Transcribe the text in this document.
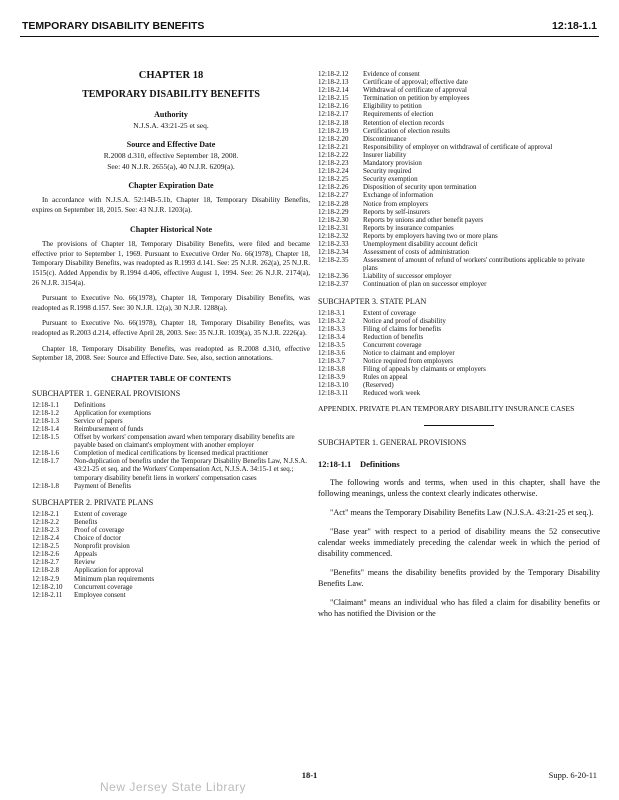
TEMPORARY DISABILITY BENEFITS	12:18-1.1
CHAPTER 18
TEMPORARY DISABILITY BENEFITS
Authority
N.J.S.A. 43:21-25 et seq.
Source and Effective Date
R.2008 d.310, effective September 18, 2008.
See: 40 N.J.R. 2655(a), 40 N.J.R. 6209(a).
Chapter Expiration Date

In accordance with N.J.S.A. 52:14B-5.1b, Chapter 18, Temporary Disability Benefits, expires on September 18, 2015. See: 43 N.J.R. 1203(a).

Chapter Historical Note

The provisions of Chapter 18, Temporary Disability Benefits, were filed and became effective prior to September 1, 1969. Pursuant to Executive Order No. 66(1978), Chapter 18, Temporary Disability Benefits, was readopted as R.1993 d.141. See: 25 N.J.R. 262(a), 25 N.J.R. 1515(c). Added Appendix by R.1994 d.406, effective August 1, 1994. See: 26 N.J.R. 2174(a), 26 N.J.R. 3154(a).

Pursuant to Executive No. 66(1978), Chapter 18, Temporary Disability Benefits, was readopted as R.1998 d.157. See: 30 N.J.R. 12(a), 30 N.J.R. 1288(a).

Pursuant to Executive No. 66(1978), Chapter 18, Temporary Disability Benefits, was readopted as R.2003 d.214, effective April 28, 2003. See: 35 N.J.R. 1039(a), 35 N.J.R. 2226(a).

Chapter 18, Temporary Disability Benefits, was readopted as R.2008 d.310, effective September 18, 2008. See: Source and Effective Date. See, also, section annotations.

CHAPTER TABLE OF CONTENTS
SUBCHAPTER 1. GENERAL PROVISIONS
12:18-1.1	Definitions
12:18-1.2	Application for exemptions
12:18-1.3	Service of papers
12:18-1.4	Reimbursement of funds
12:18-1.5	Offset by workers' compensation award when temporary disability benefits are payable based on claimant's employment with another employer
12:18-1.6	Completion of medical certifications by licensed medical practitioner
12:18-1.7	Non-duplication of benefits under the Temporary Disability Benefits Law, N.J.S.A. 43:21-25 et seq. and the Workers' Compensation Act, N.J.S.A. 34:15-1 et seq.; temporary disability benefit liens in workers' compensation cases
12:18-1.8	Payment of Benefits
SUBCHAPTER 2. PRIVATE PLANS
12:18-2.1	Extent of coverage
12:18-2.2	Benefits
12:18-2.3	Proof of coverage
12:18-2.4	Choice of doctor
12:18-2.5	Nonprofit provision
12:18-2.6	Appeals
12:18-2.7	Review
12:18-2.8	Application for approval
12:18-2.9	Minimum plan requirements
12:18-2.10	Concurrent coverage
12:18-2.11	Employee consent
12:18-2.12	Evidence of consent
12:18-2.13	Certificate of approval; effective date
12:18-2.14	Withdrawal of certificate of approval
12:18-2.15	Termination on petition by employees
12:18-2.16	Eligibility to petition
12:18-2.17	Requirements of election
12:18-2.18	Retention of election records
12:18-2.19	Certification of election results
12:18-2.20	Discontinuance
12:18-2.21	Responsibility of employer on withdrawal of certificate of approval
12:18-2.22	Insurer liability
12:18-2.23	Mandatory provision
12:18-2.24	Security required
12:18-2.25	Security exemption
12:18-2.26	Disposition of security upon termination
12:18-2.27	Exchange of information
12:18-2.28	Notice from employers
12:18-2.29	Reports by self-insurers
12:18-2.30	Reports by unions and other benefit payers
12:18-2.31	Reports by insurance companies
12:18-2.32	Reports by employers having two or more plans
12:18-2.33	Unemployment disability account deficit
12:18-2.34	Assessment of costs of administration
12:18-2.35	Assessment of amount of refund of workers' contributions applicable to private plans
12:18-2.36	Liability of successor employer
12:18-2.37	Continuation of plan on successor employer
SUBCHAPTER 3. STATE PLAN
12:18-3.1	Extent of coverage
12:18-3.2	Notice and proof of disability
12:18-3.3	Filing of claims for benefits
12:18-3.4	Reduction of benefits
12:18-3.5	Concurrent coverage
12:18-3.6	Notice to claimant and employer
12:18-3.7	Notice required from employers
12:18-3.8	Filing of appeals by claimants or employers
12:18-3.9	Rules on appeal
12:18-3.10	(Reserved)
12:18-3.11	Reduced work week
APPENDIX. PRIVATE PLAN TEMPORARY DISABILITY INSURANCE CASES
SUBCHAPTER 1. GENERAL PROVISIONS
12:18-1.1 Definitions

The following words and terms, when used in this chapter, shall have the following meanings, unless the context clearly indicates otherwise.

"Act" means the Temporary Disability Benefits Law (N.J.S.A. 43:21-25 et seq.).

"Base year" with respect to a period of disability means the 52 consecutive calendar weeks immediately preceding the calendar week in which the period of disability commenced.

"Benefits" means the disability benefits provided by the Temporary Disability Benefits Law.

"Claimant" means an individual who has filed a claim for disability benefits or who has notified the Division or the

18-1	Supp. 6-20-11
New Jersey State Library
